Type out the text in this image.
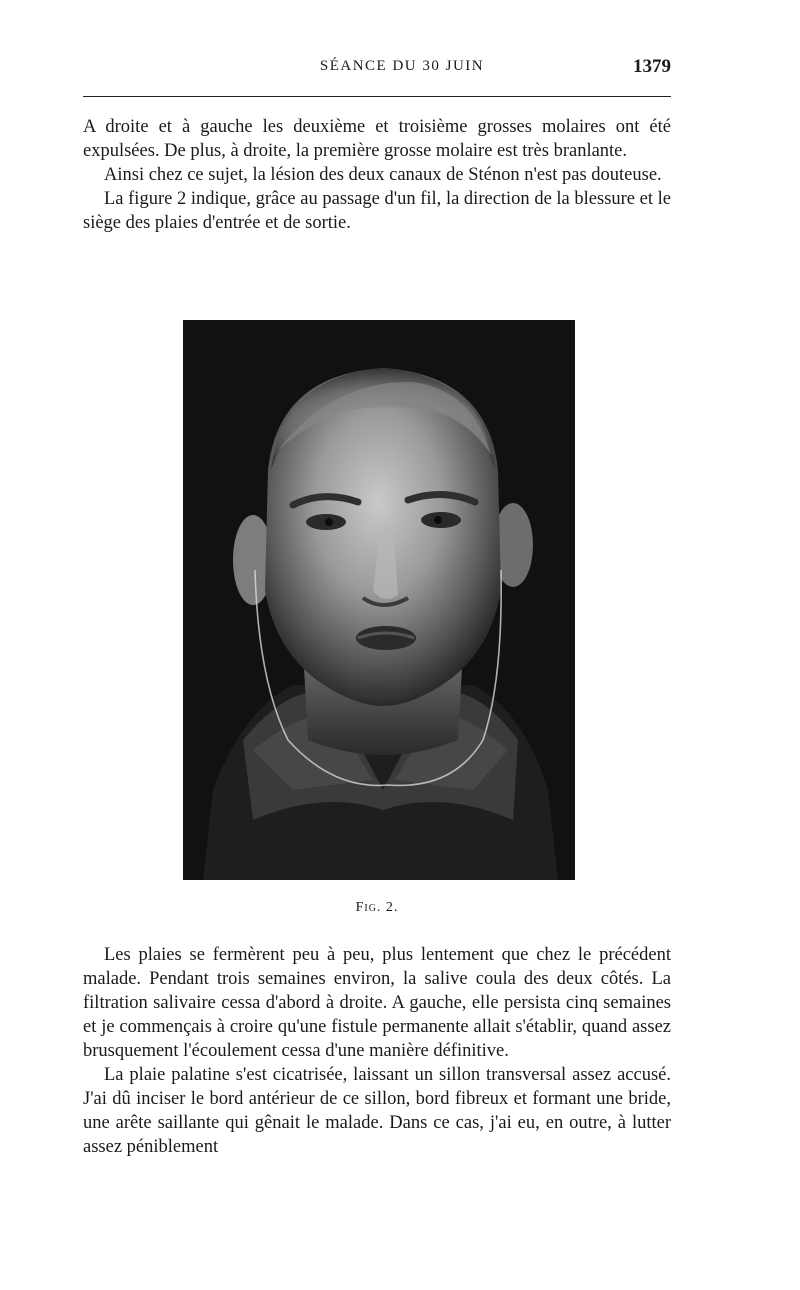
SÉANCE DU 30 JUIN	1379

A droite et à gauche les deuxième et troisième grosses molaires ont été expulsées. De plus, à droite, la première grosse molaire est très branlante.

Ainsi chez ce sujet, la lésion des deux canaux de Sténon n'est pas douteuse.

La figure 2 indique, grâce au passage d'un fil, la direction de la blessure et le siège des plaies d'entrée et de sortie.

Fig. 2.

Les plaies se fermèrent peu à peu, plus lentement que chez le précédent malade. Pendant trois semaines environ, la salive coula des deux côtés. La filtration salivaire cessa d'abord à droite. A gauche, elle persista cinq semaines et je commençais à croire qu'une fistule permanente allait s'établir, quand assez brusquement l'écoulement cessa d'une manière définitive.

La plaie palatine s'est cicatrisée, laissant un sillon transversal assez accusé. J'ai dû inciser le bord antérieur de ce sillon, bord fibreux et formant une bride, une arête saillante qui gênait le malade. Dans ce cas, j'ai eu, en outre, à lutter assez péniblement
